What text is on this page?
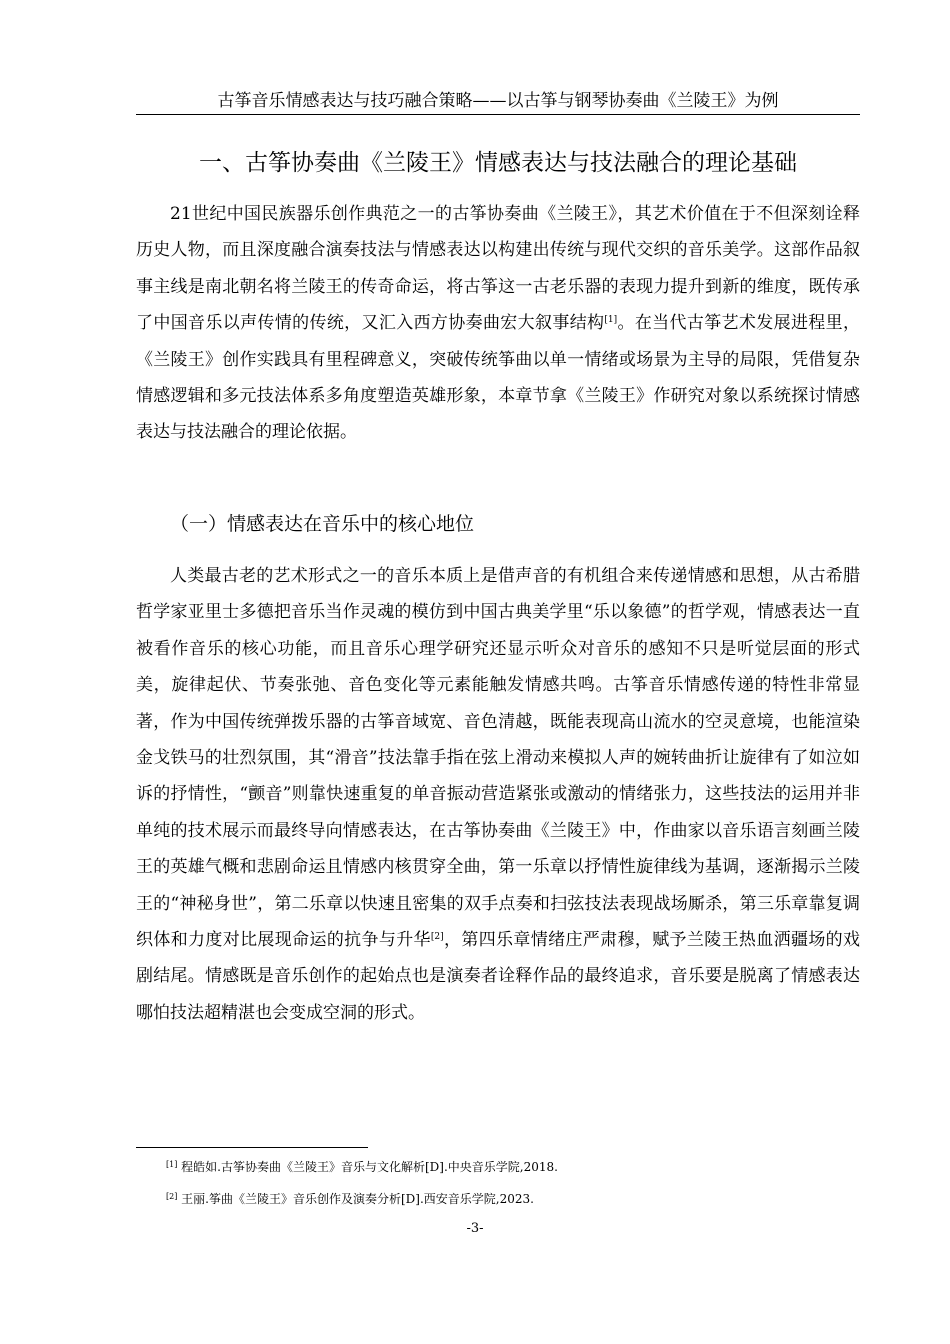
古筝音乐情感表达与技巧融合策略——以古筝与钢琴协奏曲《兰陵王》为例
一、古筝协奏曲《兰陵王》情感表达与技法融合的理论基础

21世纪中国民族器乐创作典范之一的古筝协奏曲《兰陵王》，其艺术价值在于不但深刻诠释历史人物，而且深度融合演奏技法与情感表达以构建出传统与现代交织的音乐美学。这部作品叙事主线是南北朝名将兰陵王的传奇命运，将古筝这一古老乐器的表现力提升到新的维度，既传承了中国音乐以声传情的传统，又汇入西方协奏曲宏大叙事结构[1]。在当代古筝艺术发展进程里，《兰陵王》创作实践具有里程碑意义，突破传统筝曲以单一情绪或场景为主导的局限，凭借复杂情感逻辑和多元技法体系多角度塑造英雄形象，本章节拿《兰陵王》作研究对象以系统探讨情感表达与技法融合的理论依据。

（一）情感表达在音乐中的核心地位

人类最古老的艺术形式之一的音乐本质上是借声音的有机组合来传递情感和思想，从古希腊哲学家亚里士多德把音乐当作灵魂的模仿到中国古典美学里“乐以象德”的哲学观，情感表达一直被看作音乐的核心功能，而且音乐心理学研究还显示听众对音乐的感知不只是听觉层面的形式美，旋律起伏、节奏张弛、音色变化等元素能触发情感共鸣。古筝音乐情感传递的特性非常显著，作为中国传统弹拨乐器的古筝音域宽、音色清越，既能表现高山流水的空灵意境，也能渲染金戈铁马的壮烈氛围，其“滑音”技法靠手指在弦上滑动来模拟人声的婉转曲折让旋律有了如泣如诉的抒情性，“颤音”则靠快速重复的单音振动营造紧张或激动的情绪张力，这些技法的运用并非单纯的技术展示而最终导向情感表达，在古筝协奏曲《兰陵王》中，作曲家以音乐语言刻画兰陵王的英雄气概和悲剧命运且情感内核贯穿全曲，第一乐章以抒情性旋律线为基调，逐渐揭示兰陵王的“神秘身世”，第二乐章以快速且密集的双手点奏和扫弦技法表现战场厮杀，第三乐章靠复调织体和力度对比展现命运的抗争与升华[2]，第四乐章情绪庄严肃穆，赋予兰陵王热血洒疆场的戏剧结尾。情感既是音乐创作的起始点也是演奏者诠释作品的最终追求，音乐要是脱离了情感表达哪怕技法超精湛也会变成空洞的形式。

[1] 程皓如.古筝协奏曲《兰陵王》音乐与文化解析[D].中央音乐学院,2018.
[2] 王丽.筝曲《兰陵王》音乐创作及演奏分析[D].西安音乐学院,2023.
-3-
